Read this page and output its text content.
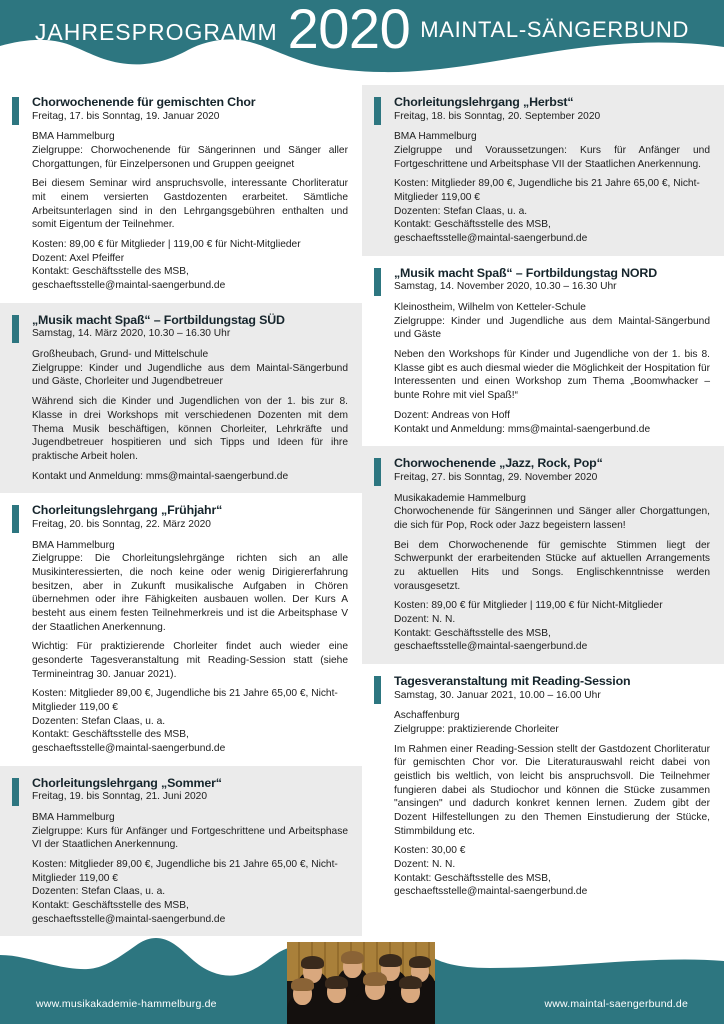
JAHRESPROGRAMM 2020 MAINTAL-SÄNGERBUND
Chorwochenende für gemischten Chor
Freitag, 17. bis Sonntag, 19. Januar 2020
BMA Hammelburg
Zielgruppe: Chorwochenende für Sängerinnen und Sänger aller Chorgattungen, für Einzelpersonen und Gruppen geeignet
Bei diesem Seminar wird anspruchsvolle, interessante Chorliteratur mit einem versierten Gastdozenten erarbeitet. Sämtliche Arbeitsunterlagen sind in den Lehrgangsgebühren enthalten und somit Eigentum der Teilnehmer.
Kosten: 89,00 € für Mitglieder | 119,00 € für Nicht-Mitglieder
Dozent: Axel Pfeiffer
Kontakt: Geschäftsstelle des MSB,
geschaeftsstelle@maintal-saengerbund.de
„Musik macht Spaß“ – Fortbildungstag SÜD
Samstag, 14. März 2020, 10.30 – 16.30 Uhr
Großheubach, Grund- und Mittelschule
Zielgruppe: Kinder und Jugendliche aus dem Maintal-Sängerbund und Gäste, Chorleiter und Jugendbetreuer
Während sich die Kinder und Jugendlichen von der 1. bis zur 8. Klasse in drei Workshops mit verschiedenen Dozenten mit dem Thema Musik beschäftigen, können Chorleiter, Lehrkräfte und Jugendbetreuer hospitieren und sich Tipps und Ideen für ihre praktische Arbeit holen.
Kontakt und Anmeldung: mms@maintal-saengerbund.de
Chorleitungslehrgang „Frühjahr“
Freitag, 20. bis Sonntag, 22. März 2020
BMA Hammelburg
Zielgruppe: Die Chorleitungslehrgänge richten sich an alle Musikinteressierten, die noch keine oder wenig Dirigiererfahrung besitzen, aber in Zukunft musikalische Aufgaben in Chören übernehmen oder ihre Fähigkeiten ausbauen wollen. Der Kurs A besteht aus einem festen Teilnehmerkreis und ist die Arbeitsphase V der Staatlichen Anerkennung.
Wichtig: Für praktizierende Chorleiter findet auch wieder eine gesonderte Tagesveranstaltung mit Reading-Session statt (siehe Termineintrag 30. Januar 2021).
Kosten: Mitglieder 89,00 €, Jugendliche bis 21 Jahre 65,00 €, Nicht-Mitglieder 119,00 €
Dozenten: Stefan Claas, u. a.
Kontakt: Geschäftsstelle des MSB,
geschaeftsstelle@maintal-saengerbund.de
Chorleitungslehrgang „Sommer“
Freitag, 19. bis Sonntag, 21. Juni 2020
BMA Hammelburg
Zielgruppe: Kurs für Anfänger und Fortgeschrittene und Arbeitsphase VI der Staatlichen Anerkennung.
Kosten: Mitglieder 89,00 €, Jugendliche bis 21 Jahre 65,00 €, Nicht-Mitglieder 119,00 €
Dozenten: Stefan Claas, u. a.
Kontakt: Geschäftsstelle des MSB,
geschaeftsstelle@maintal-saengerbund.de
Chorleitungslehrgang „Herbst“
Freitag, 18. bis Sonntag, 20. September 2020
BMA Hammelburg
Zielgruppe und Voraussetzungen: Kurs für Anfänger und Fortgeschrittene und Arbeitsphase VII der Staatlichen Anerkennung.
Kosten: Mitglieder 89,00 €, Jugendliche bis 21 Jahre 65,00 €, Nicht-Mitglieder 119,00 €
Dozenten: Stefan Claas, u. a.
Kontakt: Geschäftsstelle des MSB,
geschaeftsstelle@maintal-saengerbund.de
„Musik macht Spaß“ – Fortbildungstag NORD
Samstag, 14. November 2020, 10.30 – 16.30 Uhr
Kleinostheim, Wilhelm von Ketteler-Schule
Zielgruppe: Kinder und Jugendliche aus dem Maintal-Sängerbund und Gäste
Neben den Workshops für Kinder und Jugendliche von der 1. bis 8. Klasse gibt es auch diesmal wieder die Möglichkeit der Hospitation für Interessenten und einen Workshop zum Thema „Boomwhacker – bunte Rohre mit viel Spaß!“
Dozent: Andreas von Hoff
Kontakt und Anmeldung: mms@maintal-saengerbund.de
Chorwochenende „Jazz, Rock, Pop“
Freitag, 27. bis Sonntag, 29. November 2020
Musikakademie Hammelburg
Chorwochenende für Sängerinnen und Sänger aller Chorgattungen, die sich für Pop, Rock oder Jazz begeistern lassen!
Bei dem Chorwochenende für gemischte Stimmen liegt der Schwerpunkt der erarbeitenden Stücke auf aktuellen Arrangements zu aktuellen Hits und Songs. Englischkenntnisse werden vorausgesetzt.
Kosten: 89,00 € für Mitglieder | 119,00 € für Nicht-Mitglieder
Dozent: N. N.
Kontakt: Geschäftsstelle des MSB,
geschaeftsstelle@maintal-saengerbund.de
Tagesveranstaltung mit Reading-Session
Samstag, 30. Januar 2021, 10.00 – 16.00 Uhr
Aschaffenburg
Zielgruppe: praktizierende Chorleiter
Im Rahmen einer Reading-Session stellt der Gastdozent Chorliteratur für gemischten Chor vor. Die Literaturauswahl reicht dabei von geistlich bis weltlich, von leicht bis anspruchsvoll. Die Teilnehmer fungieren dabei als Studiochor und können die Stücke zusammen "ansingen" und dadurch konkret kennen lernen. Zudem gibt der Dozent Hilfestellungen zu den Themen Einstudierung der Stücke, Stimmbildung etc.
Kosten: 30,00 €
Dozent: N. N.
Kontakt: Geschäftsstelle des MSB,
geschaeftsstelle@maintal-saengerbund.de
www.musikakademie-hammelburg.de	www.maintal-saengerbund.de
